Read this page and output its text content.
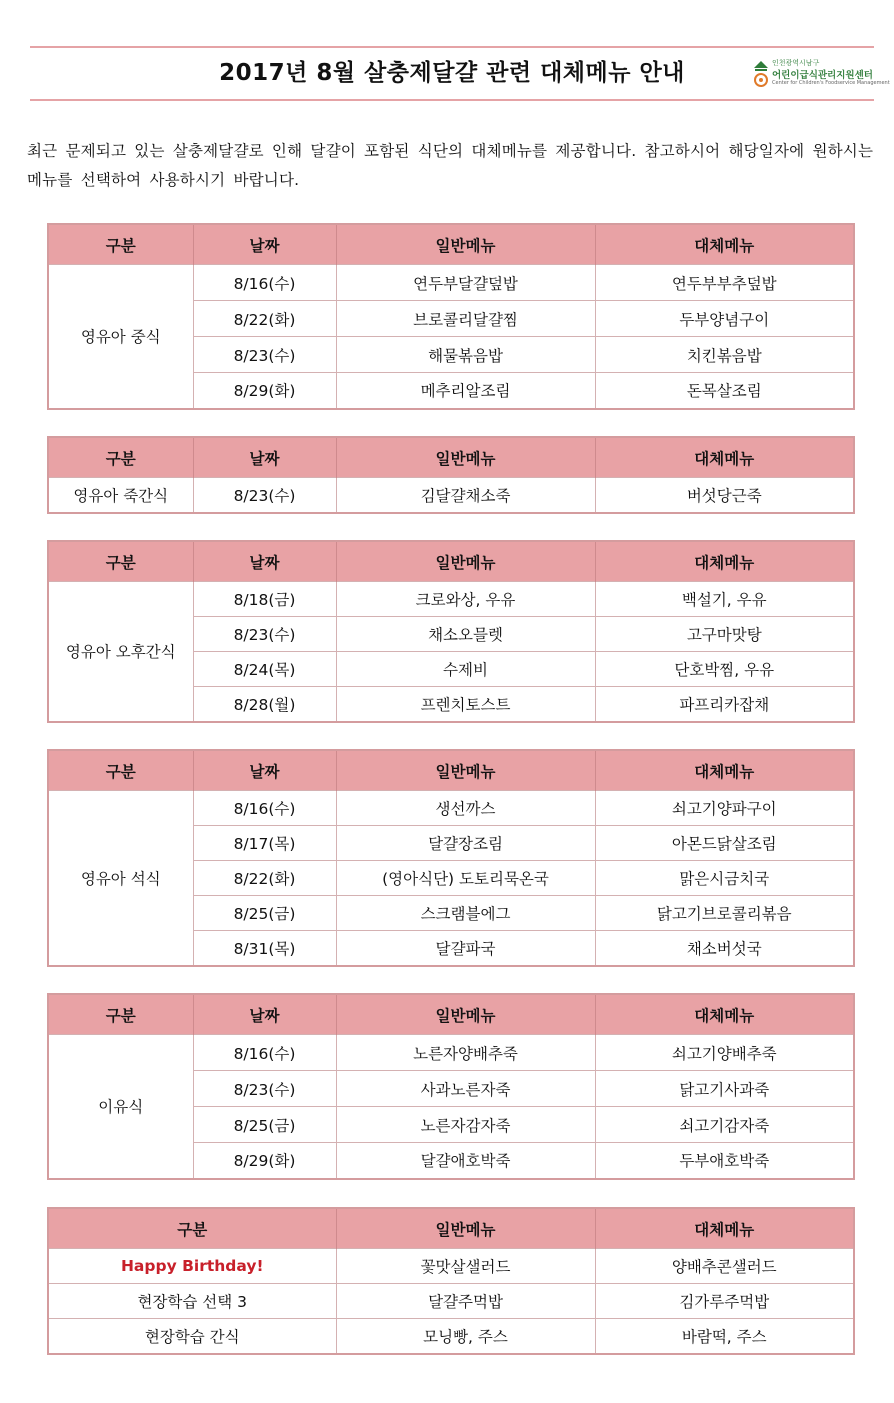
2017년 8월 살충제달걀 관련 대체메뉴 안내	인천광역시남구
어린이급식관리지원센터
Center for Children's Foodservice Management
최근 문제되고 있는 살충제달걀로 인해 달걀이 포함된 식단의 대체메뉴를 제공합니다. 참고하시어 해당일자에 원하시는 메뉴를 선택하여 사용하시기 바랍니다.
구분	날짜	일반메뉴	대체메뉴
영유아 중식	8/16(수)	연두부달걀덮밥	연두부부추덮밥
	8/22(화)	브로콜리달걀찜	두부양념구이
	8/23(수)	해물볶음밥	치킨볶음밥
	8/29(화)	메추리알조림	돈목살조림
구분	날짜	일반메뉴	대체메뉴
영유아 죽간식	8/23(수)	김달걀채소죽	버섯당근죽
구분	날짜	일반메뉴	대체메뉴
영유아 오후간식	8/18(금)	크로와상, 우유	백설기, 우유
	8/23(수)	채소오믈렛	고구마맛탕
	8/24(목)	수제비	단호박찜, 우유
	8/28(월)	프렌치토스트	파프리카잡채
구분	날짜	일반메뉴	대체메뉴
영유아 석식	8/16(수)	생선까스	쇠고기양파구이
	8/17(목)	달걀장조림	아몬드닭살조림
	8/22(화)	(영아식단) 도토리묵온국	맑은시금치국
	8/25(금)	스크램블에그	닭고기브로콜리볶음
	8/31(목)	달걀파국	채소버섯국
구분	날짜	일반메뉴	대체메뉴
이유식	8/16(수)	노른자양배추죽	쇠고기양배추죽
	8/23(수)	사과노른자죽	닭고기사과죽
	8/25(금)	노른자감자죽	쇠고기감자죽
	8/29(화)	달걀애호박죽	두부애호박죽
구분	일반메뉴	대체메뉴
Happy Birthday!	꽃맛살샐러드	양배추콘샐러드
현장학습 선택 3	달걀주먹밥	김가루주먹밥
현장학습 간식	모닝빵, 주스	바람떡, 주스
